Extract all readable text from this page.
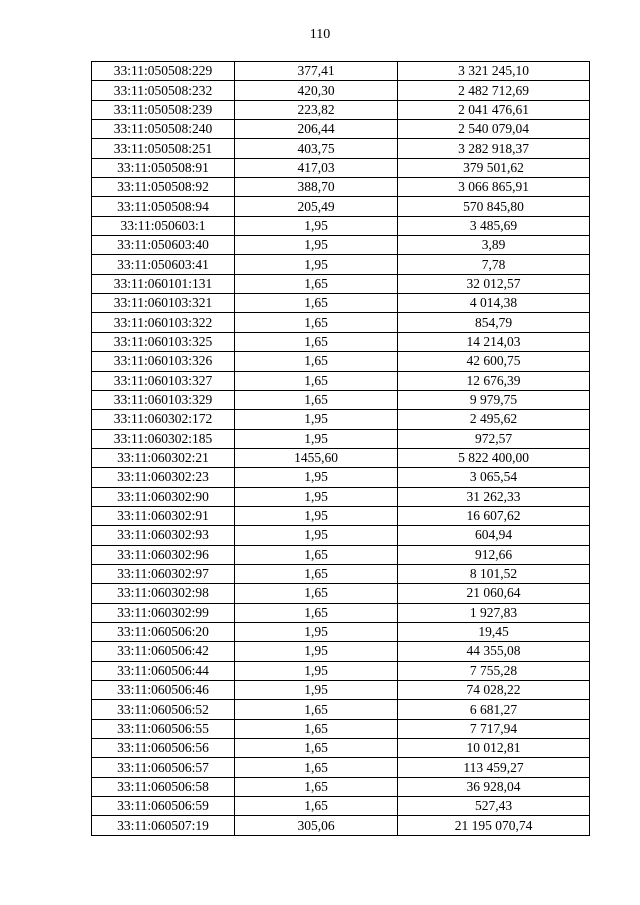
110
33:11:050508:229	377,41	3 321 245,10
33:11:050508:232	420,30	2 482 712,69
33:11:050508:239	223,82	2 041 476,61
33:11:050508:240	206,44	2 540 079,04
33:11:050508:251	403,75	3 282 918,37
33:11:050508:91	417,03	379 501,62
33:11:050508:92	388,70	3 066 865,91
33:11:050508:94	205,49	570 845,80
33:11:050603:1	1,95	3 485,69
33:11:050603:40	1,95	3,89
33:11:050603:41	1,95	7,78
33:11:060101:131	1,65	32 012,57
33:11:060103:321	1,65	4 014,38
33:11:060103:322	1,65	854,79
33:11:060103:325	1,65	14 214,03
33:11:060103:326	1,65	42 600,75
33:11:060103:327	1,65	12 676,39
33:11:060103:329	1,65	9 979,75
33:11:060302:172	1,95	2 495,62
33:11:060302:185	1,95	972,57
33:11:060302:21	1455,60	5 822 400,00
33:11:060302:23	1,95	3 065,54
33:11:060302:90	1,95	31 262,33
33:11:060302:91	1,95	16 607,62
33:11:060302:93	1,95	604,94
33:11:060302:96	1,65	912,66
33:11:060302:97	1,65	8 101,52
33:11:060302:98	1,65	21 060,64
33:11:060302:99	1,65	1 927,83
33:11:060506:20	1,95	19,45
33:11:060506:42	1,95	44 355,08
33:11:060506:44	1,95	7 755,28
33:11:060506:46	1,95	74 028,22
33:11:060506:52	1,65	6 681,27
33:11:060506:55	1,65	7 717,94
33:11:060506:56	1,65	10 012,81
33:11:060506:57	1,65	113 459,27
33:11:060506:58	1,65	36 928,04
33:11:060506:59	1,65	527,43
33:11:060507:19	305,06	21 195 070,74
